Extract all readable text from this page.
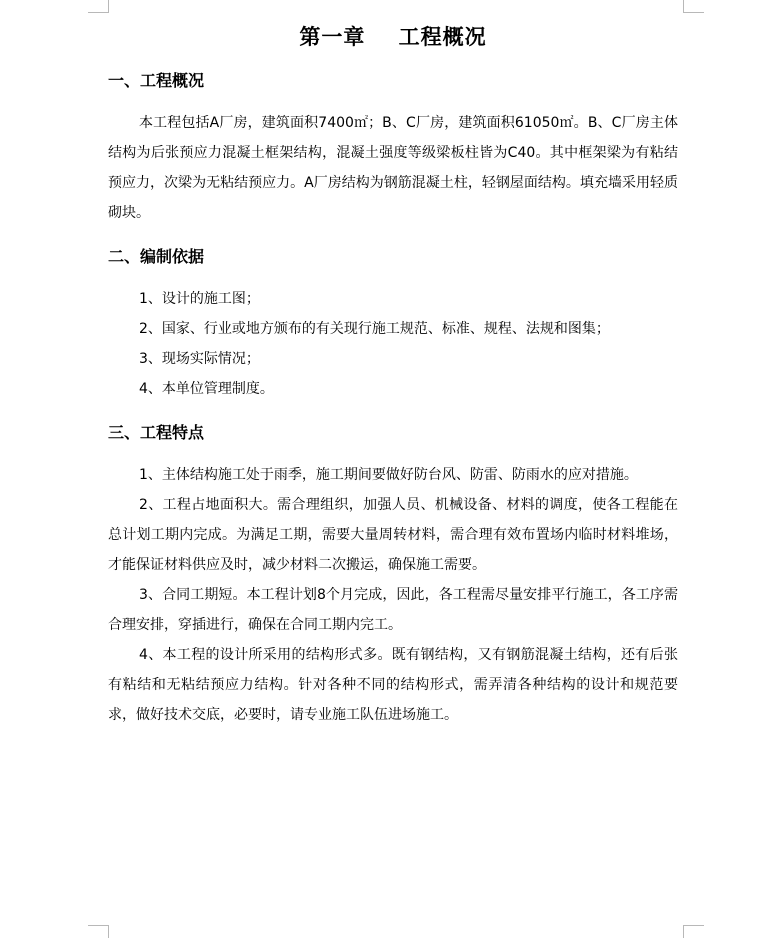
第一章    工程概况
一、工程概况

本工程包括A厂房，建筑面积7400㎡；B、C厂房，建筑面积61050㎡。B、C厂房主体结构为后张预应力混凝土框架结构，混凝土强度等级梁板柱皆为C40。其中框架梁为有粘结预应力，次梁为无粘结预应力。A厂房结构为钢筋混凝土柱，轻钢屋面结构。填充墙采用轻质砌块。

二、编制依据

1、设计的施工图；

2、国家、行业或地方颁布的有关现行施工规范、标准、规程、法规和图集；

3、现场实际情况；

4、本单位管理制度。

三、工程特点

1、主体结构施工处于雨季，施工期间要做好防台风、防雷、防雨水的应对措施。

2、工程占地面积大。需合理组织，加强人员、机械设备、材料的调度，使各工程能在总计划工期内完成。为满足工期，需要大量周转材料，需合理有效布置场内临时材料堆场，才能保证材料供应及时，减少材料二次搬运，确保施工需要。

3、合同工期短。本工程计划8个月完成，因此，各工程需尽量安排平行施工，各工序需合理安排，穿插进行，确保在合同工期内完工。

4、本工程的设计所采用的结构形式多。既有钢结构，又有钢筋混凝土结构，还有后张有粘结和无粘结预应力结构。针对各种不同的结构形式，需弄清各种结构的设计和规范要求，做好技术交底，必要时，请专业施工队伍进场施工。
